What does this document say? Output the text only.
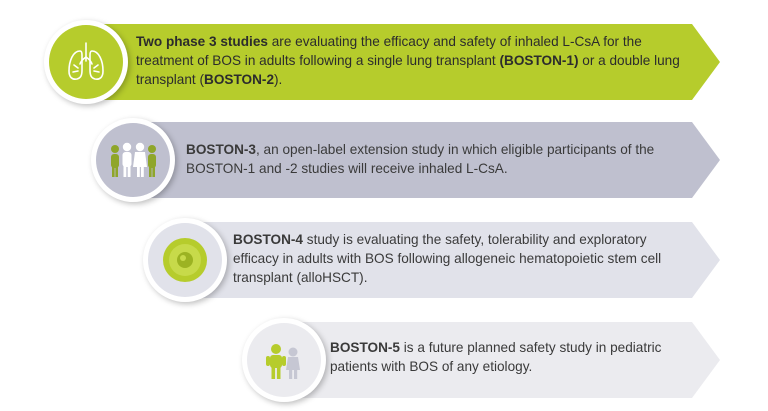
Two phase 3 studies are evaluating the efficacy and safety of inhaled L-CsA for the treatment of BOS in adults following a single lung transplant (BOSTON-1) or a double lung transplant (BOSTON-2).
BOSTON-3, an open-label extension study in which eligible participants of the BOSTON-1 and -2 studies will receive inhaled L-CsA.
BOSTON-4 study is evaluating the safety, tolerability and exploratory efficacy in adults with BOS following allogeneic hematopoietic stem cell transplant (alloHSCT).
BOSTON-5 is a future planned safety study in pediatric patients with BOS of any etiology.
